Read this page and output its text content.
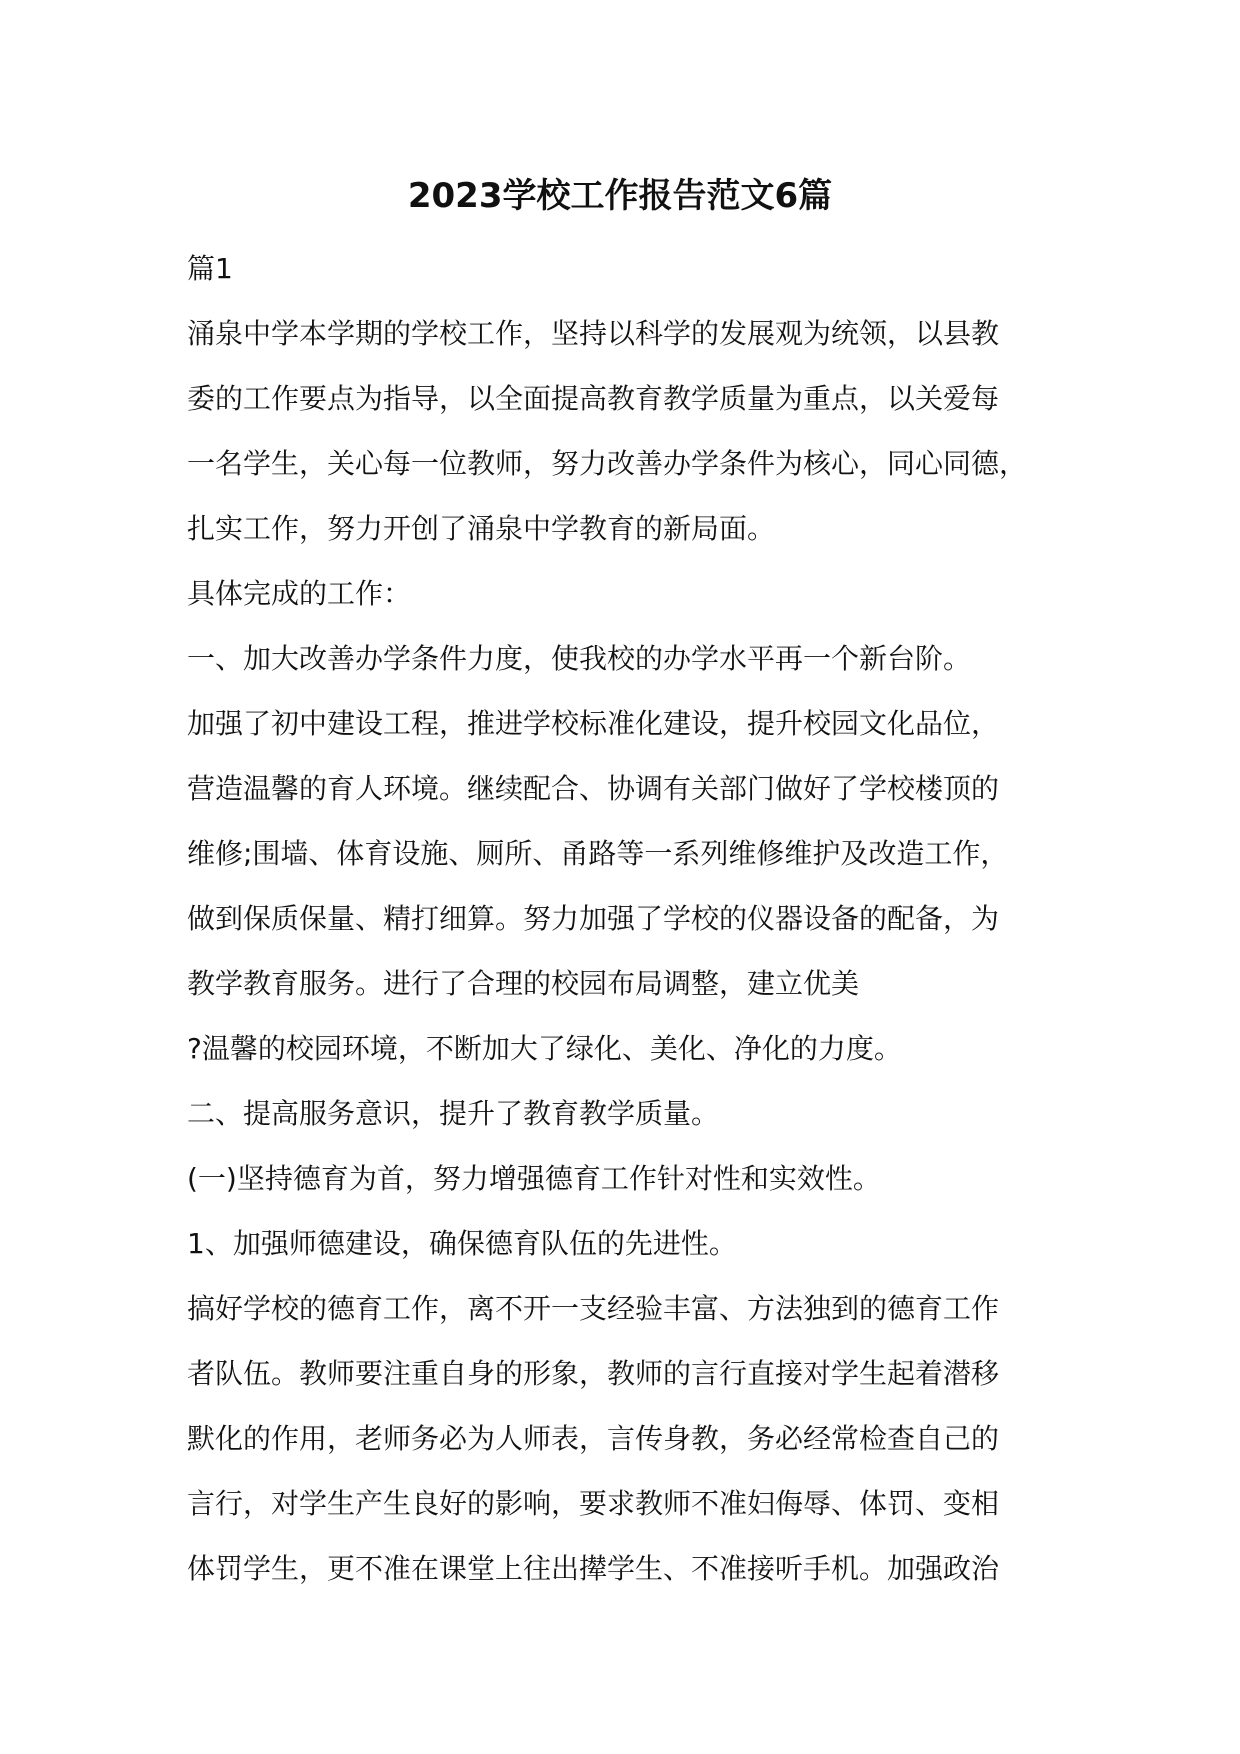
2023学校工作报告范文6篇
篇1
涌泉中学本学期的学校工作，坚持以科学的发展观为统领，以县教
委的工作要点为指导，以全面提高教育教学质量为重点，以关爱每
一名学生，关心每一位教师，努力改善办学条件为核心，同心同德，
扎实工作，努力开创了涌泉中学教育的新局面。
具体完成的工作：
一、加大改善办学条件力度，使我校的办学水平再一个新台阶。
加强了初中建设工程，推进学校标准化建设，提升校园文化品位，
营造温馨的育人环境。继续配合、协调有关部门做好了学校楼顶的
维修;围墙、体育设施、厕所、甬路等一系列维修维护及改造工作，
做到保质保量、精打细算。努力加强了学校的仪器设备的配备，为
教学教育服务。进行了合理的校园布局调整，建立优美
?温馨的校园环境，不断加大了绿化、美化、净化的力度。
二、提高服务意识，提升了教育教学质量。
(一)坚持德育为首，努力增强德育工作针对性和实效性。
1、加强师德建设，确保德育队伍的先进性。
搞好学校的德育工作，离不开一支经验丰富、方法独到的德育工作
者队伍。教师要注重自身的形象，教师的言行直接对学生起着潜移
默化的作用，老师务必为人师表，言传身教，务必经常检查自己的
言行，对学生产生良好的影响，要求教师不准妇侮辱、体罚、变相
体罚学生，更不准在课堂上往出撵学生、不准接听手机。加强政治
